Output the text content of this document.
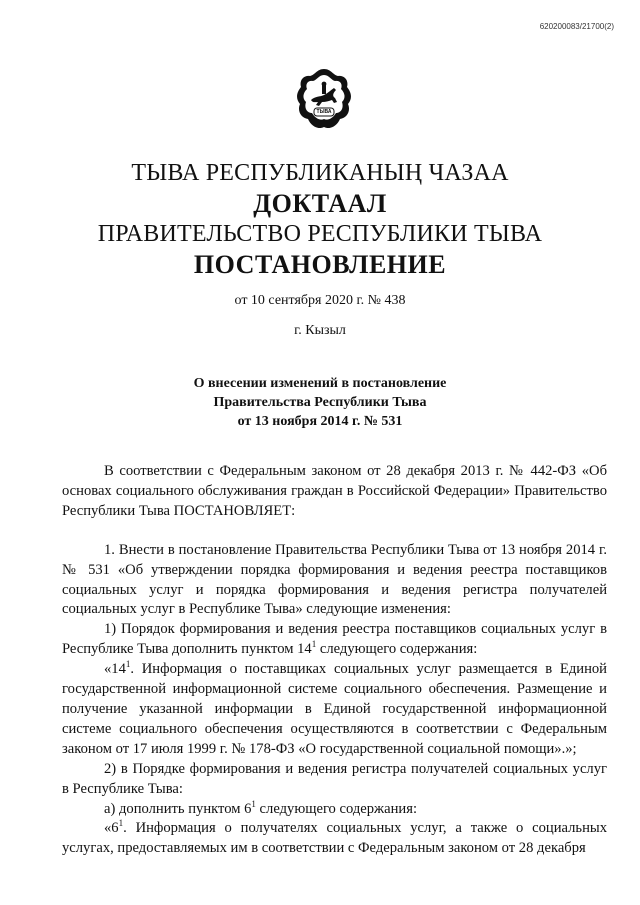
620200083/21700(2)
ТЫВА
ТЫВА РЕСПУБЛИКАНЫҢ ЧАЗАА
ДОКТААЛ
ПРАВИТЕЛЬСТВО РЕСПУБЛИКИ ТЫВА
ПОСТАНОВЛЕНИЕ
от 10 сентября 2020 г. № 438
г. Кызыл
О внесении изменений в постановление
Правительства Республики Тыва
от 13 ноября 2014 г. № 531

В соответствии с Федеральным законом от 28 декабря 2013 г. № 442-ФЗ «Об основах социального обслуживания граждан в Российской Федерации» Правительство Республики Тыва ПОСТАНОВЛЯЕТ:

1. Внести в постановление Правительства Республики Тыва от 13 ноября 2014 г. № 531 «Об утверждении порядка формирования и ведения реестра поставщиков социальных услуг и порядка формирования и ведения регистра получателей социальных услуг в Республике Тыва» следующие изменения:

1) Порядок формирования и ведения реестра поставщиков социальных услуг в Республике Тыва дополнить пунктом $14^1$ следующего содержания:

«$14^1$. Информация о поставщиках социальных услуг размещается в Единой государственной информационной системе социального обеспечения. Размещение и получение указанной информации в Единой государственной информационной системе социального обеспечения осуществляются в соответствии с Федеральным законом от 17 июля 1999 г. № 178-ФЗ «О государственной социальной помощи».»;

2) в Порядке формирования и ведения регистра получателей социальных услуг в Республике Тыва:

а) дополнить пунктом $6^1$ следующего содержания:

«$6^1$. Информация о получателях социальных услуг, а также о социальных услугах, предоставляемых им в соответствии с Федеральным законом от 28 декабря
